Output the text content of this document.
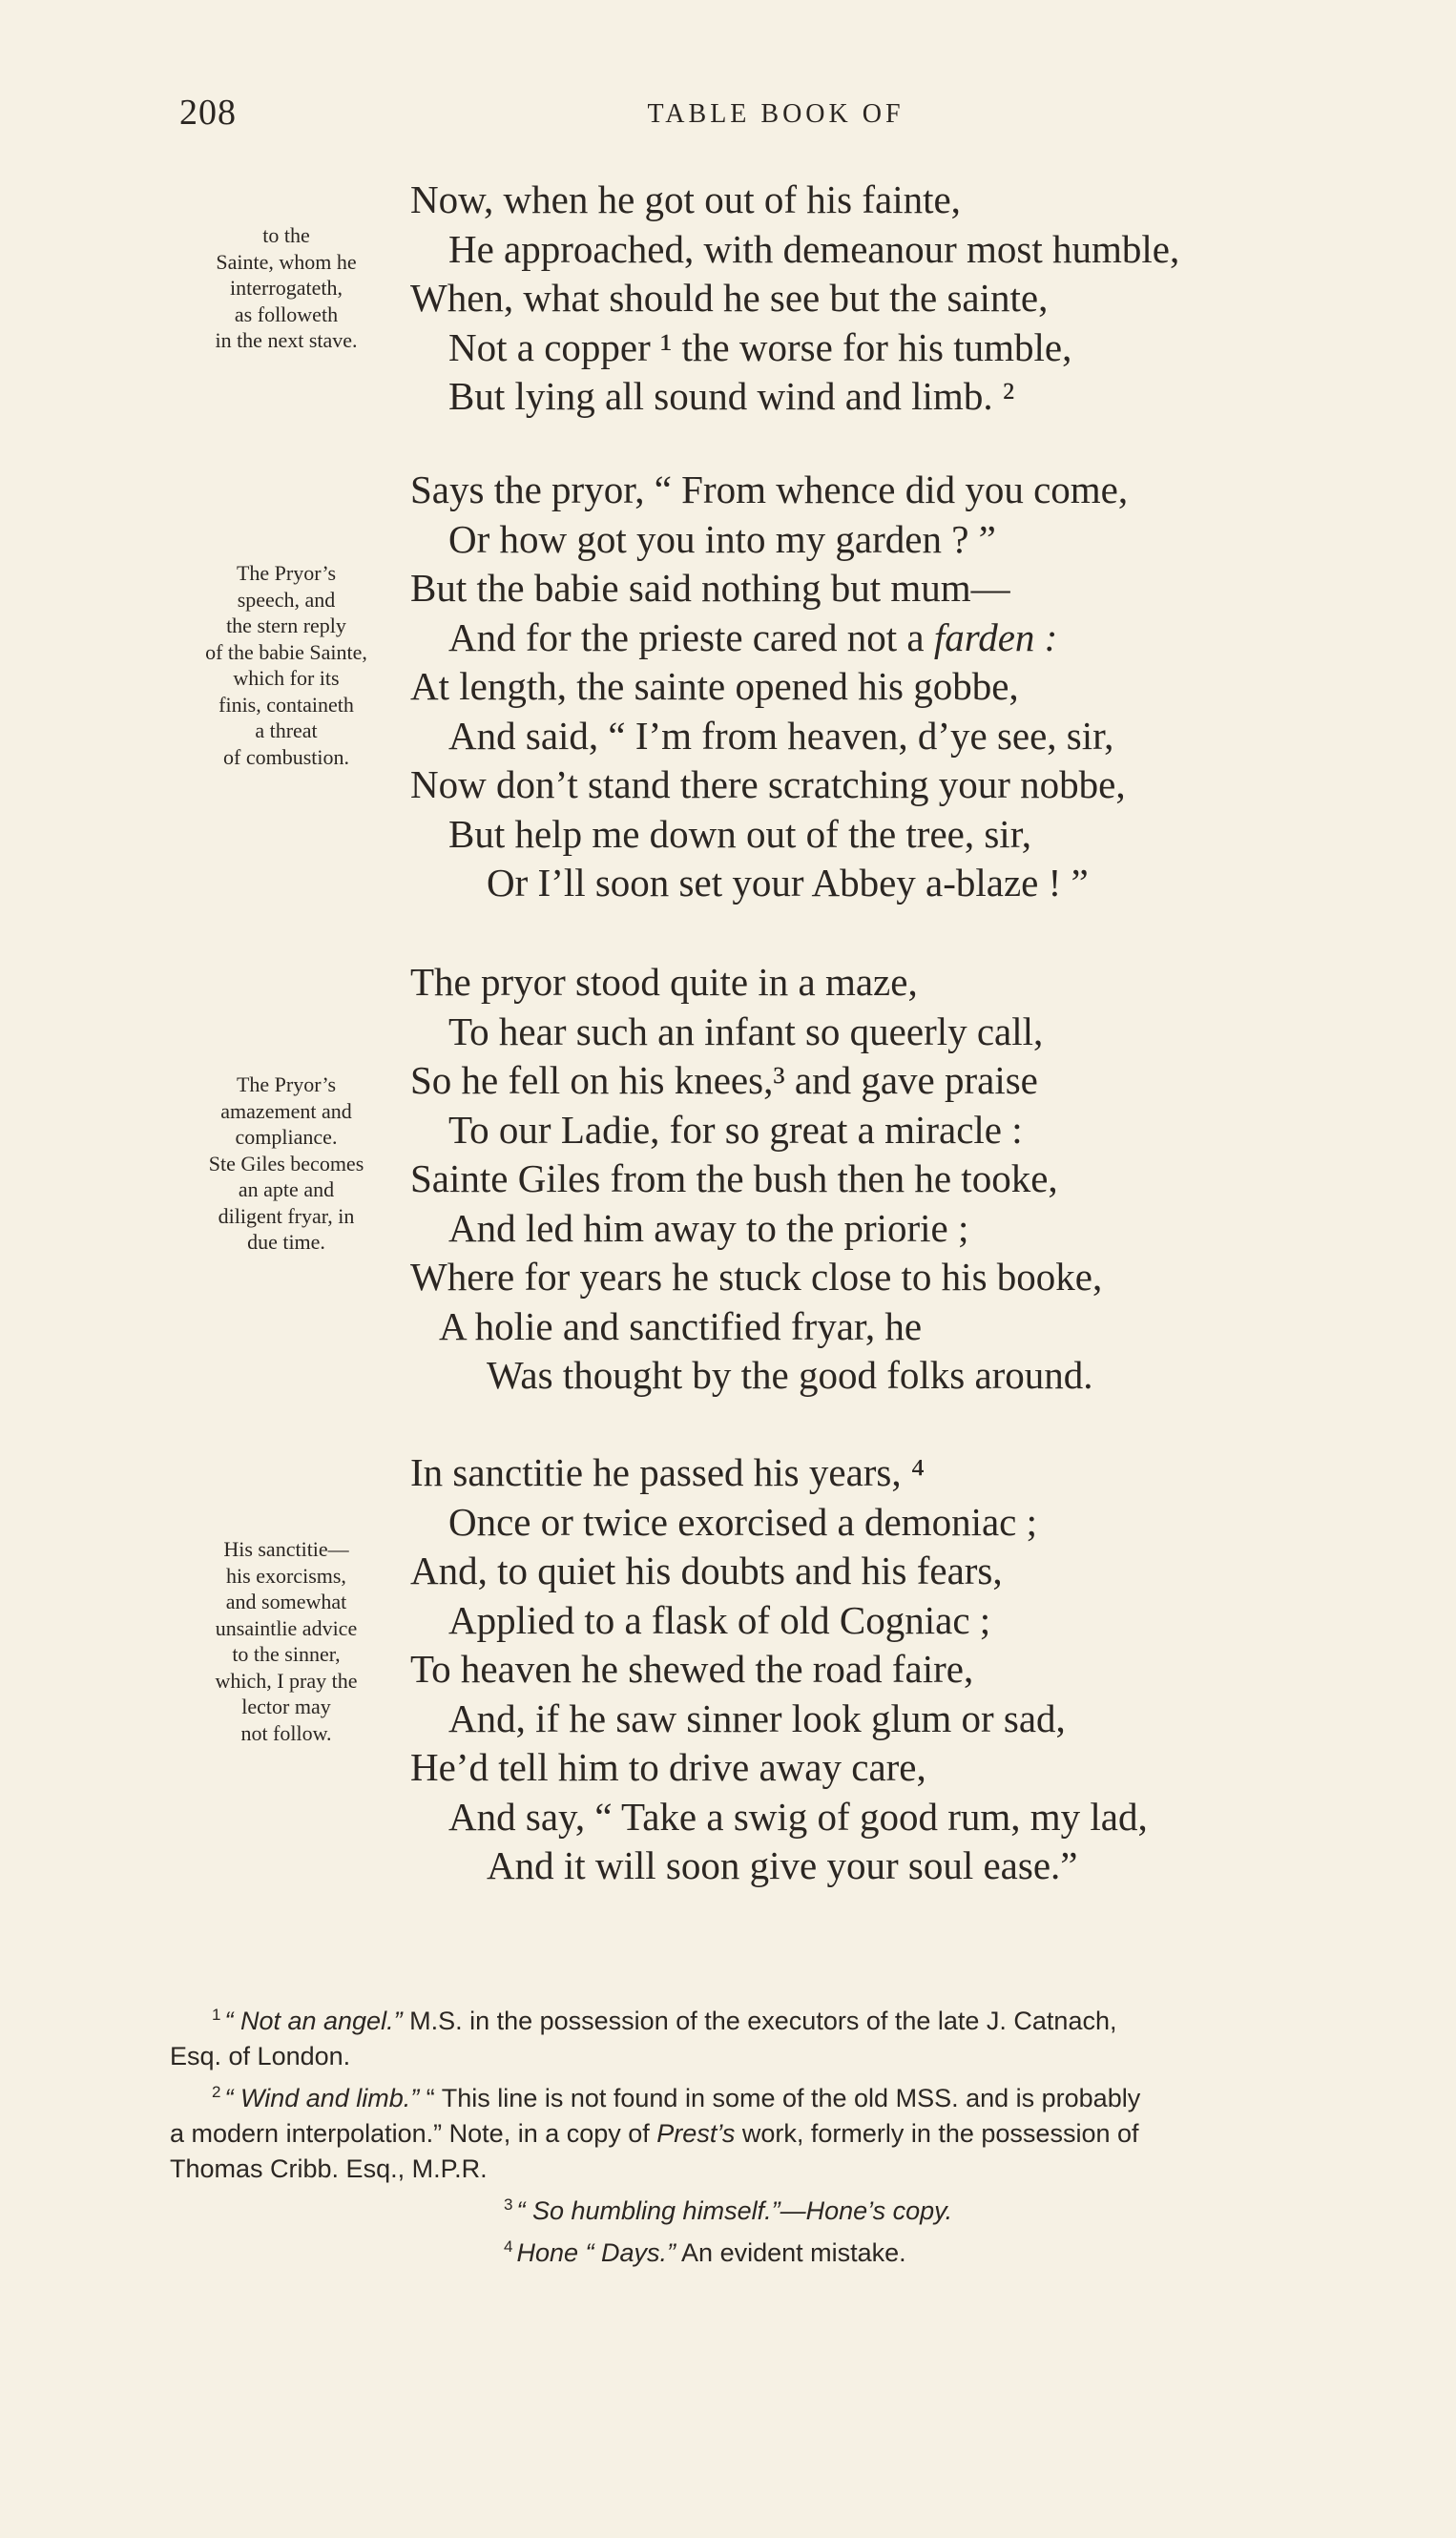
208	TABLE BOOK OF
to the
Sainte, whom he
interrogateth,
as followeth
in the next stave.
The Pryor’s
speech, and
the stern reply
of the babie Sainte,
which for its
finis, containeth
a threat
of combustion.
The Pryor’s
amazement and
compliance.
Ste Giles becomes
an apte and
diligent fryar, in
due time.
His sanctitie—
his exorcisms,
and somewhat
unsaintlie advice
to the sinner,
which, I pray the
lector may
not follow.
Now, when he got out of his fainte,
He approached, with demeanour most humble,
When, what should he see but the sainte,
Not a copper ¹ the worse for his tumble,
But lying all sound wind and limb. ²
Says the pryor, “ From whence did you come,
Or how got you into my garden ? ”
But the babie said nothing but mum—
And for the prieste cared not a farden :
At length, the sainte opened his gobbe,
And said, “ I’m from heaven, d’ye see, sir,
Now don’t stand there scratching your nobbe,
But help me down out of the tree, sir,
Or I’ll soon set your Abbey a-blaze ! ”
The pryor stood quite in a maze,
To hear such an infant so queerly call,
So he fell on his knees,³ and gave praise
To our Ladie, for so great a miracle :
Sainte Giles from the bush then he tooke,
And led him away to the priorie ;
Where for years he stuck close to his booke,
A holie and sanctified fryar, he
Was thought by the good folks around.
In sanctitie he passed his years, ⁴
Once or twice exorcised a demoniac ;
And, to quiet his doubts and his fears,
Applied to a flask of old Cogniac ;
To heaven he shewed the road faire,
And, if he saw sinner look glum or sad,
He’d tell him to drive away care,
And say, “ Take a swig of good rum, my lad,
And it will soon give your soul ease.”

$^1$ “ Not an angel.” M.S. in the possession of the executors of the late J. Catnach,

Esq. of London.

$^2$ “ Wind and limb.” “ This line is not found in some of the old MSS. and is probably

a modern interpolation.” Note, in a copy of Prest’s work, formerly in the possession of

Thomas Cribb. Esq., M.P.R.

$^3$ “ So humbling himself.”—Hone’s copy.

$^4$ Hone “ Days.” An evident mistake.
